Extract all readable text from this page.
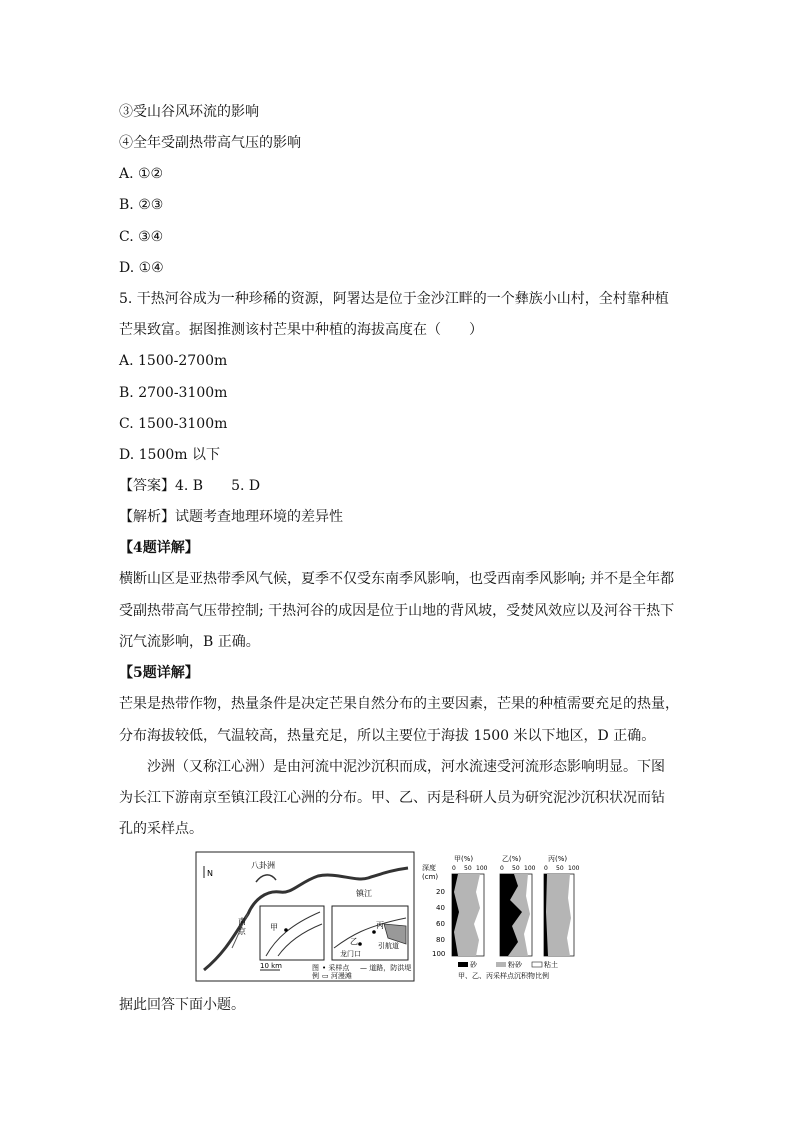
③受山谷风环流的影响
④全年受副热带高气压的影响
A. ①②
B. ②③
C. ③④
D. ①④
5. 干热河谷成为一种珍稀的资源，阿署达是位于金沙江畔的一个彝族小山村，全村靠种植
芒果致富。据图推测该村芒果中种植的海拔高度在（　　）
A. 1500-2700m
B. 2700-3100m
C. 1500-3100m
D. 1500m 以下
【答案】4. B　　5. D
【解析】试题考查地理环境的差异性
【4题详解】
横断山区是亚热带季风气候，夏季不仅受东南季风影响，也受西南季风影响; 并不是全年都
受副热带高气压带控制; 干热河谷的成因是位于山地的背风坡，受焚风效应以及河谷干热下
沉气流影响，B 正确。
【5题详解】
芒果是热带作物，热量条件是决定芒果自然分布的主要因素，芒果的种植需要充足的热量，
分布海拔较低，气温较高，热量充足，所以主要位于海拔 1500 米以下地区，D 正确。
　　沙洲（又称江心洲）是由河流中泥沙沉积而成，河水流速受河流形态影响明显。下图
为长江下游南京至镇江段江心洲的分布。甲、乙、丙是科研人员为研究泥沙沉积状况而钻
孔的采样点。
N
八卦洲
镇江
南
京	甲	丙
乙	引航道
龙门口
10 km	图
例
• 采样点
▭ 河漫滩
— 道路，防洪堤
深度
(cm)
20
40
60
80
100
甲(%)
0 50 100
乙(%)
0 50 100
丙(%)
0 50 100
砂	粉砂	粘土
甲、乙、丙采样点沉积物比例
据此回答下面小题。
